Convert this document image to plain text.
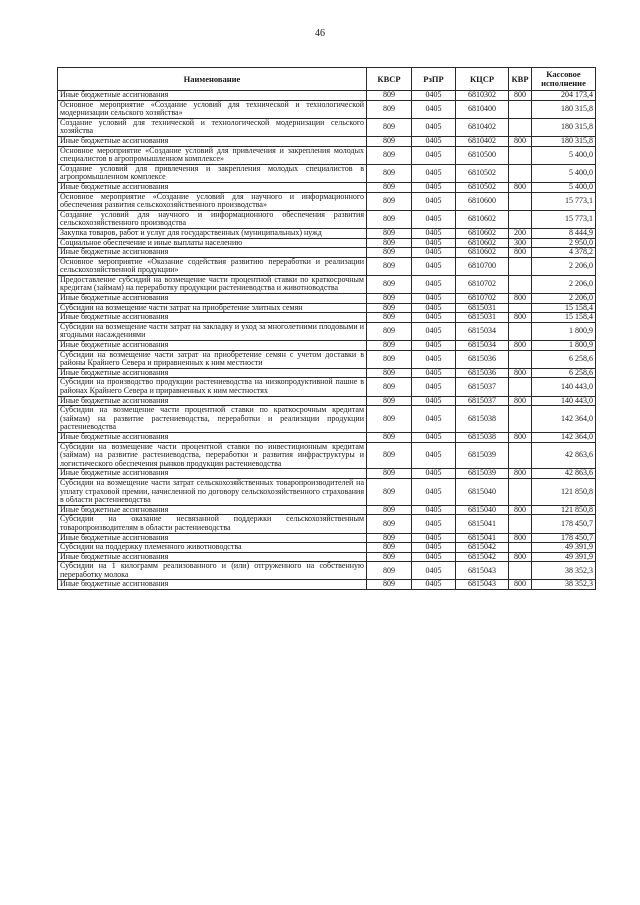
46
Наименование	КВСР	РзПР	КЦСР	КВР	Кассовое исполнение
Иные бюджетные ассигнования	809	0405	6810302	800	204 173,4
Основное мероприятие «Создание условий для технической и технологической модернизации сельского хозяйства»	809	0405	6810400		180 315,8
Создание условий для технической и технологической модернизации сельского хозяйства	809	0405	6810402		180 315,8
Иные бюджетные ассигнования	809	0405	6810402	800	180 315,8
Основное мероприятие «Создание условий для привлечения и закрепления молодых специалистов в агропромышленном комплексе»	809	0405	6810500		5 400,0
Создание условий для привлечения и закрепления молодых специалистов в агропромышленном комплексе	809	0405	6810502		5 400,0
Иные бюджетные ассигнования	809	0405	6810502	800	5 400,0
Основное мероприятие «Создание условий для научного и информационного обеспечения развития сельскохозяйственного производства»	809	0405	6810600		15 773,1
Создание условий для научного и информационного обеспечения развития сельскохозяйственного производства	809	0405	6810602		15 773,1
Закупка товаров, работ и услуг для государственных (муниципальных) нужд	809	0405	6810602	200	8 444,9
Социальное обеспечение и иные выплаты населению	809	0405	6810602	300	2 950,0
Иные бюджетные ассигнования	809	0405	6810602	800	4 378,2
Основное мероприятие «Оказание содействия развитию переработки и реализации сельскохозяйственной продукции»	809	0405	6810700		2 206,0
Предоставление субсидий на возмещение части процентной ставки по краткосрочным кредитам (займам) на переработку продукции растениеводства и животноводства	809	0405	6810702		2 206,0
Иные бюджетные ассигнования	809	0405	6810702	800	2 206,0
Субсидии на возмещение части затрат на приобретение элитных семян	809	0405	6815031		15 158,4
Иные бюджетные ассигнования	809	0405	6815031	800	15 158,4
Субсидии на возмещение части затрат на закладку и уход за многолетними плодовыми и ягодными насаждениями	809	0405	6815034		1 800,9
Иные бюджетные ассигнования	809	0405	6815034	800	1 800,9
Субсидии на возмещение части затрат на приобретение семян с учетом доставки в районы Крайнего Севера и приравненных к ним местности	809	0405	6815036		6 258,6
Иные бюджетные ассигнования	809	0405	6815036	800	6 258,6
Субсидии на производство продукции растениеводства на низкопродуктивной пашне в районах Крайнего Севера и приравненных к ним местностях	809	0405	6815037		140 443,0
Иные бюджетные ассигнования	809	0405	6815037	800	140 443,0
Субсидии на возмещение части процентной ставки по краткосрочным кредитам (займам) на развитие растениеводства, переработки и реализации продукции растениеводства	809	0405	6815038		142 364,0
Иные бюджетные ассигнования	809	0405	6815038	800	142 364,0
Субсидии на возмещение части процентной ставки по инвестиционным кредитам (займам) на развитие растениеводства, переработки и развития инфраструктуры и логистического обеспечения рынков продукции растениеводства	809	0405	6815039		42 863,6
Иные бюджетные ассигнования	809	0405	6815039	800	42 863,6
Субсидии на возмещение части затрат сельскохозяйственных товаропроизводителей на уплату страховой премии, начисленной по договору сельскохозяйственного страхования в области растениеводства	809	0405	6815040		121 850,8
Иные бюджетные ассигнования	809	0405	6815040	800	121 850,8
Субсидии на оказание несвязанной поддержки сельскохозяйственным товаропроизводителям в области растениеводства	809	0405	6815041		178 450,7
Иные бюджетные ассигнования	809	0405	6815041	800	178 450,7
Субсидии на поддержку племенного животноводства	809	0405	6815042		49 391,9
Иные бюджетные ассигнования	809	0405	6815042	800	49 391,9
Субсидии на 1 килограмм реализованного и (или) отгруженного на собственную переработку молока	809	0405	6815043		38 352,3
Иные бюджетные ассигнования	809	0405	6815043	800	38 352,3
